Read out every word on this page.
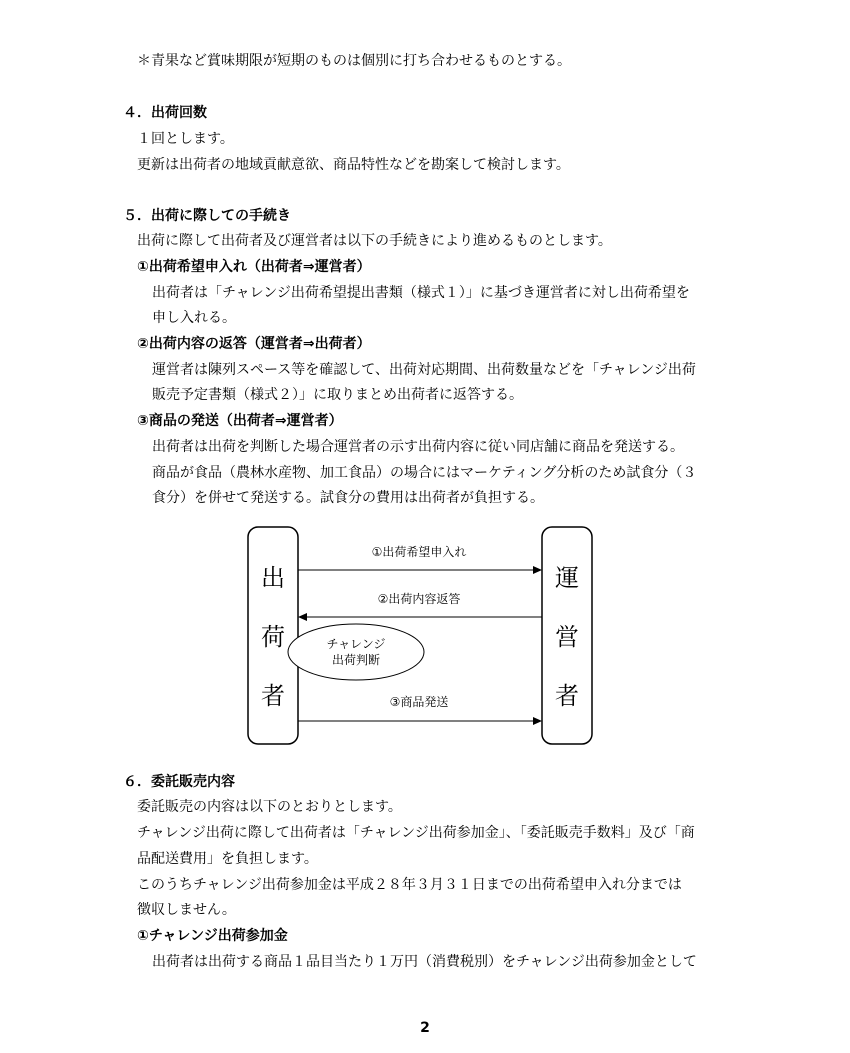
＊青果など賞味期限が短期のものは個別に打ち合わせるものとする。
４．出荷回数
１回とします。
更新は出荷者の地域貢献意欲、商品特性などを勘案して検討します。
５．出荷に際しての手続き
出荷に際して出荷者及び運営者は以下の手続きにより進めるものとします。
①出荷希望申入れ（出荷者⇒運営者）
出荷者は「チャレンジ出荷希望提出書類（様式１）」に基づき運営者に対し出荷希望を
申し入れる。
②出荷内容の返答（運営者⇒出荷者）
運営者は陳列スペース等を確認して、出荷対応期間、出荷数量などを「チャレンジ出荷
販売予定書類（様式２）」に取りまとめ出荷者に返答する。
③商品の発送（出荷者⇒運営者）
出荷者は出荷を判断した場合運営者の示す出荷内容に従い同店舗に商品を発送する。
商品が食品（農林水産物、加工食品）の場合にはマーケティング分析のため試食分（３
食分）を併せて発送する。試食分の費用は出荷者が負担する。
出
荷
者
運
営
者
①出荷希望申入れ
②出荷内容返答
③商品発送
チャレンジ
出荷判断
６．委託販売内容
委託販売の内容は以下のとおりとします。
チャレンジ出荷に際して出荷者は「チャレンジ出荷参加金」、「委託販売手数料」及び「商
品配送費用」を負担します。
このうちチャレンジ出荷参加金は平成２８年３月３１日までの出荷希望申入れ分までは
徴収しません。
①チャレンジ出荷参加金
出荷者は出荷する商品１品目当たり１万円（消費税別）をチャレンジ出荷参加金として
2
